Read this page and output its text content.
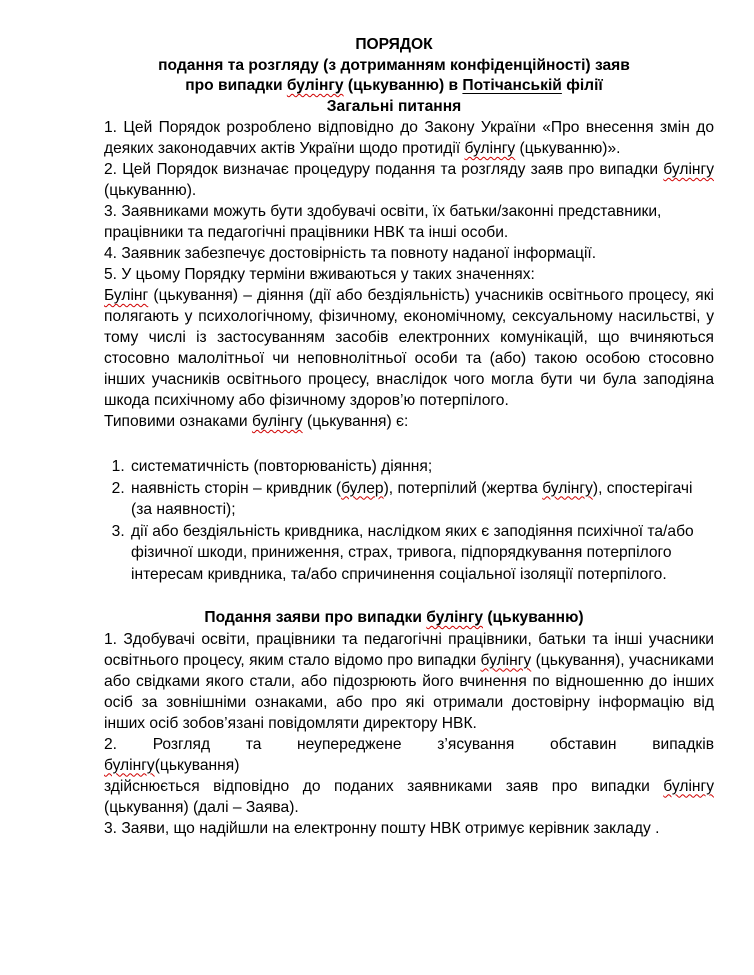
ПОРЯДОК
подання та розгляду (з дотриманням конфіденційності) заяв
про випадки булінгу (цькуванню) в Потічанській філії
Загальні питання

1. Цей Порядок розроблено відповідно до Закону України «Про внесення змін до деяких законодавчих актів України щодо протидії булінгу (цькуванню)».

2. Цей Порядок визначає процедуру подання та розгляду заяв про випадки булінгу (цькуванню).

3. Заявниками можуть бути здобувачі освіти, їх батьки/законні представники,

працівники та педагогічні працівники НВК та інші особи.

4. Заявник забезпечує достовірність та повноту наданої інформації.

5. У цьому Порядку терміни вживаються у таких значеннях:

Булінг (цькування) – діяння (дії або бездіяльність) учасників освітнього процесу, які полягають у психологічному, фізичному, економічному, сексуальному насильстві, у тому числі із застосуванням засобів електронних комунікацій, що вчиняються стосовно малолітньої чи неповнолітньої особи та (або) такою особою стосовно інших учасників освітнього процесу, внаслідок чого могла бути чи була заподіяна шкода психічному або фізичному здоров’ю потерпілого.

Типовими ознаками булінгу (цькування) є:

1. систематичність (повторюваність) діяння;
2. наявність сторін – кривдник (булер), потерпілий (жертва булінгу), спостерігачі (за наявності);
3. дії або бездіяльність кривдника, наслідком яких є заподіяння психічної та/або фізичної шкоди, приниження, страх, тривога, підпорядкування потерпілого інтересам кривдника, та/або спричинення соціальної ізоляції потерпілого.
Подання заяви про випадки булінгу (цькуванню)

1. Здобувачі освіти, працівники та педагогічні працівники, батьки та інші учасники освітнього процесу, яким стало відомо про випадки булінгу (цькування), учасниками або свідками якого стали, або підозрюють його вчинення по відношенню до інших осіб за зовнішніми ознаками, або про які отримали достовірну інформацію від інших осіб зобов’язані повідомляти директору НВК.

2. Розгляд та неупереджене з’ясування обставин випадків

булінгу(цькування)

здійснюється відповідно до поданих заявниками заяв про випадки булінгу (цькування) (далі – Заява).

3. Заяви, що надійшли на електронну пошту НВК отримує керівник закладу .
